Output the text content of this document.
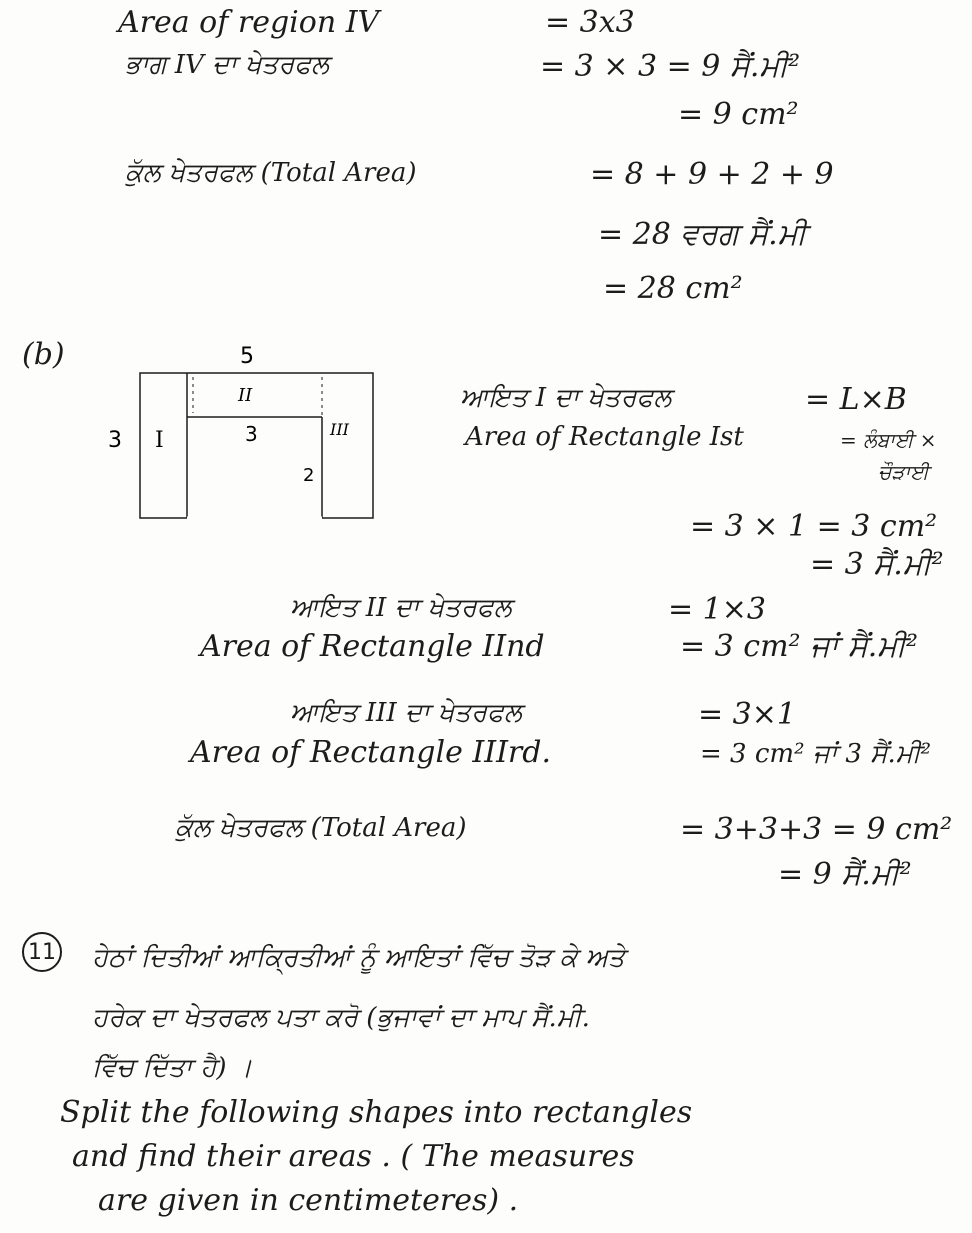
Area of region IV	= 3x3
ਭਾਗ IV ਦਾ ਖੇਤਰਫਲ	= 3 × 3 = 9 ਸੈਂ.ਮੀ²
= 9 cm²
ਕੁੱਲ ਖੇਤਰਫਲ (Total Area)	= 8 + 9 + 2 + 9
= 28 ਵਰਗ ਸੈਂ.ਮੀ
= 28 cm²
(b)	5
3 I
II
III
3
2
ਆਇਤ I ਦਾ ਖੇਤਰਫਲ	= L×B
Area of Rectangle Ist	= ਲੰਬਾਈ ×
ਚੌੜਾਈ
= 3 × 1 = 3 cm²
= 3 ਸੈਂ.ਮੀ²
ਆਇਤ II ਦਾ ਖੇਤਰਫਲ	= 1×3
Area of Rectangle IInd	= 3 cm² ਜਾਂ ਸੈਂ.ਮੀ²
ਆਇਤ III ਦਾ ਖੇਤਰਫਲ	= 3×1
Area of Rectangle IIIrd.	= 3 cm² ਜਾਂ 3 ਸੈਂ.ਮੀ²
ਕੁੱਲ ਖੇਤਰਫਲ (Total Area)	= 3+3+3 = 9 cm²
= 9 ਸੈਂ.ਮੀ²
11 ਹੇਠਾਂ ਦਿਤੀਆਂ ਆਕ੍ਰਿਤੀਆਂ ਨੂੰ ਆਇਤਾਂ ਵਿੱਚ ਤੋੜ ਕੇ ਅਤੇ
ਹਰੇਕ ਦਾ ਖੇਤਰਫਲ ਪਤਾ ਕਰੋ (ਭੁਜਾਵਾਂ ਦਾ ਮਾਪ ਸੈਂ.ਮੀ.
ਵਿੱਚ ਦਿੱਤਾ ਹੈ) ।
Split the following shapes into rectangles
and find their areas . ( The measures
are given in centimeteres) .
